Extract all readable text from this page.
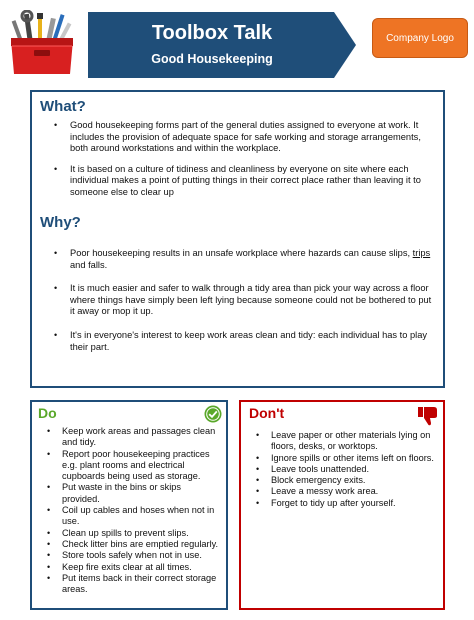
Toolbox Talk
Good Housekeeping
Company Logo
What?
• Good housekeeping forms part of the general duties assigned to everyone at work. It includes the provision of adequate space for safe working and storage arrangements, both around workstations and within the workplace.
• It is based on a culture of tidiness and cleanliness by everyone on site where each individual makes a point of putting things in their correct place rather than leaving it to someone else to clear up
Why?
• Poor housekeeping results in an unsafe workplace where hazards can cause slips, trips and falls.
• It is much easier and safer to walk through a tidy area than pick your way across a floor where things have simply been left lying because someone could not be bothered to put it away or mop it up.
• It's in everyone's interest to keep work areas clean and tidy: each individual has to play their part.
Do
• Keep work areas and passages clean and tidy.
• Report poor housekeeping practices e.g. plant rooms and electrical cupboards being used as storage.
• Put waste in the bins or skips provided.
• Coil up cables and hoses when not in use.
• Clean up spills to prevent slips.
• Check litter bins are emptied regularly.
• Store tools safely when not in use.
• Keep fire exits clear at all times.
• Put items back in their correct storage areas.
Don't
• Leave paper or other materials lying on floors, desks, or worktops.
• Ignore spills or other items left on floors.
• Leave tools unattended.
• Block emergency exits.
• Leave a messy work area.
• Forget to tidy up after yourself.
